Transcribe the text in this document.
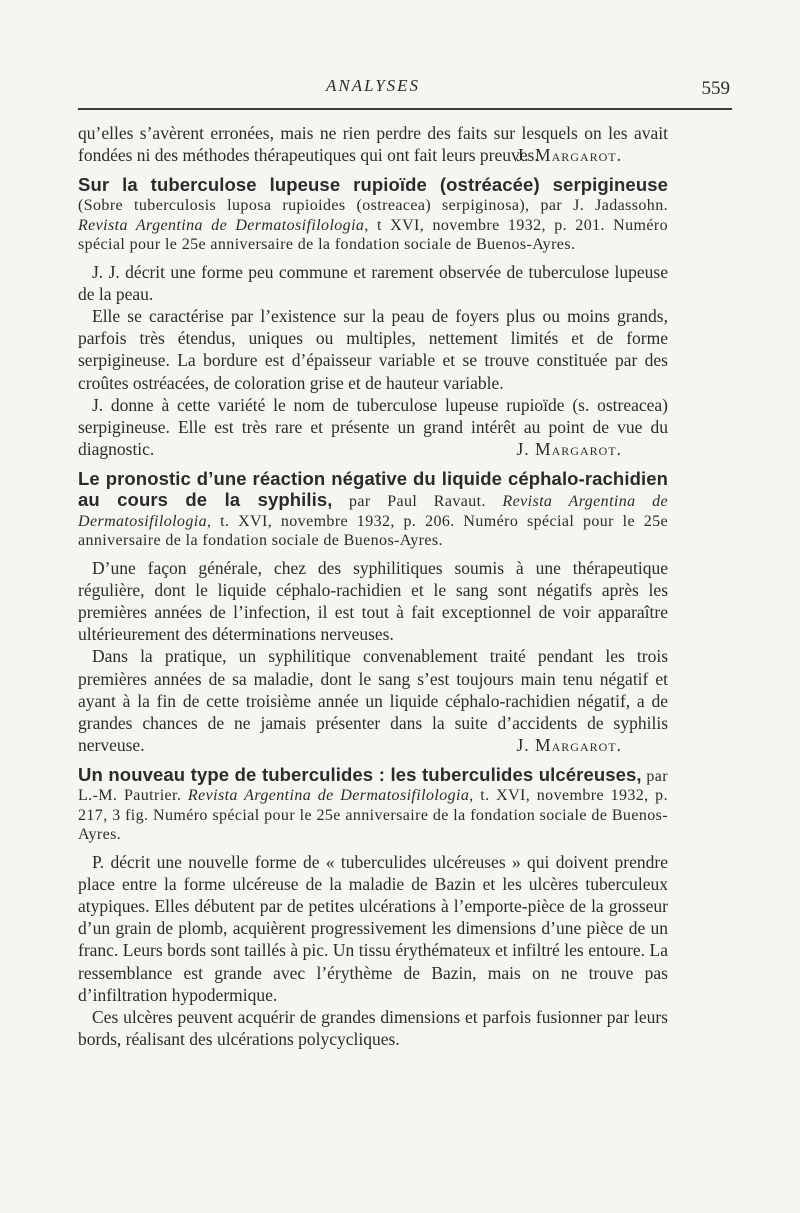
ANALYSES	559

qu’elles s’avèrent erronées, mais ne rien perdre des faits sur lesquels on les avait fondées ni des méthodes thérapeutiques qui ont fait leurs preuves.

J. Margarot.
Sur la tuberculose lupeuse rupioïde (ostréacée) serpigineuse (Sobre tuberculosis luposa rupioides (ostreacea) serpiginosa), par J. Jadassohn. Revista Argentina de Dermatosifilologia, t XVI, novembre 1932, p. 201. Numéro spécial pour le 25e anniversaire de la fondation sociale de Buenos-Ayres.

J. J. décrit une forme peu commune et rarement observée de tuberculose lupeuse de la peau.

Elle se caractérise par l’existence sur la peau de foyers plus ou moins grands, parfois très étendus, uniques ou multiples, nettement limités et de forme serpigineuse. La bordure est d’épaisseur variable et se trouve constituée par des croûtes ostréacées, de coloration grise et de hauteur variable.

J. donne à cette variété le nom de tuberculose lupeuse rupioïde (s. ostreacea) serpigineuse. Elle est très rare et présente un grand intérêt au point de vue du diagnostic.	J. Margarot.
Le pronostic d’une réaction négative du liquide céphalo-rachidien au cours de la syphilis, par Paul Ravaut. Revista Argentina de Dermatosifilologia, t. XVI, novembre 1932, p. 206. Numéro spécial pour le 25e anniversaire de la fondation sociale de Buenos-Ayres.

D’une façon générale, chez des syphilitiques soumis à une thérapeutique régulière, dont le liquide céphalo-rachidien et le sang sont négatifs après les premières années de l’infection, il est tout à fait exceptionnel de voir apparaître ultérieurement des déterminations nerveuses.

Dans la pratique, un syphilitique convenablement traité pendant les trois premières années de sa maladie, dont le sang s’est toujours main tenu négatif et ayant à la fin de cette troisième année un liquide céphalo-rachidien négatif, a de grandes chances de ne jamais présenter dans la suite d’accidents de syphilis nerveuse.	J. Margarot.
Un nouveau type de tuberculides : les tuberculides ulcéreuses, par L.-M. Pautrier. Revista Argentina de Dermatosifilologia, t. XVI, novembre 1932, p. 217, 3 fig. Numéro spécial pour le 25e anniversaire de la fondation sociale de Buenos-Ayres.

P. décrit une nouvelle forme de « tuberculides ulcéreuses » qui doivent prendre place entre la forme ulcéreuse de la maladie de Bazin et les ulcères tuberculeux atypiques. Elles débutent par de petites ulcérations à l’emporte-pièce de la grosseur d’un grain de plomb, acquièrent progressivement les dimensions d’une pièce de un franc. Leurs bords sont taillés à pic. Un tissu érythémateux et infiltré les entoure. La ressemblance est grande avec l’érythème de Bazin, mais on ne trouve pas d’infiltration hypodermique.

Ces ulcères peuvent acquérir de grandes dimensions et parfois fusionner par leurs bords, réalisant des ulcérations polycycliques.
